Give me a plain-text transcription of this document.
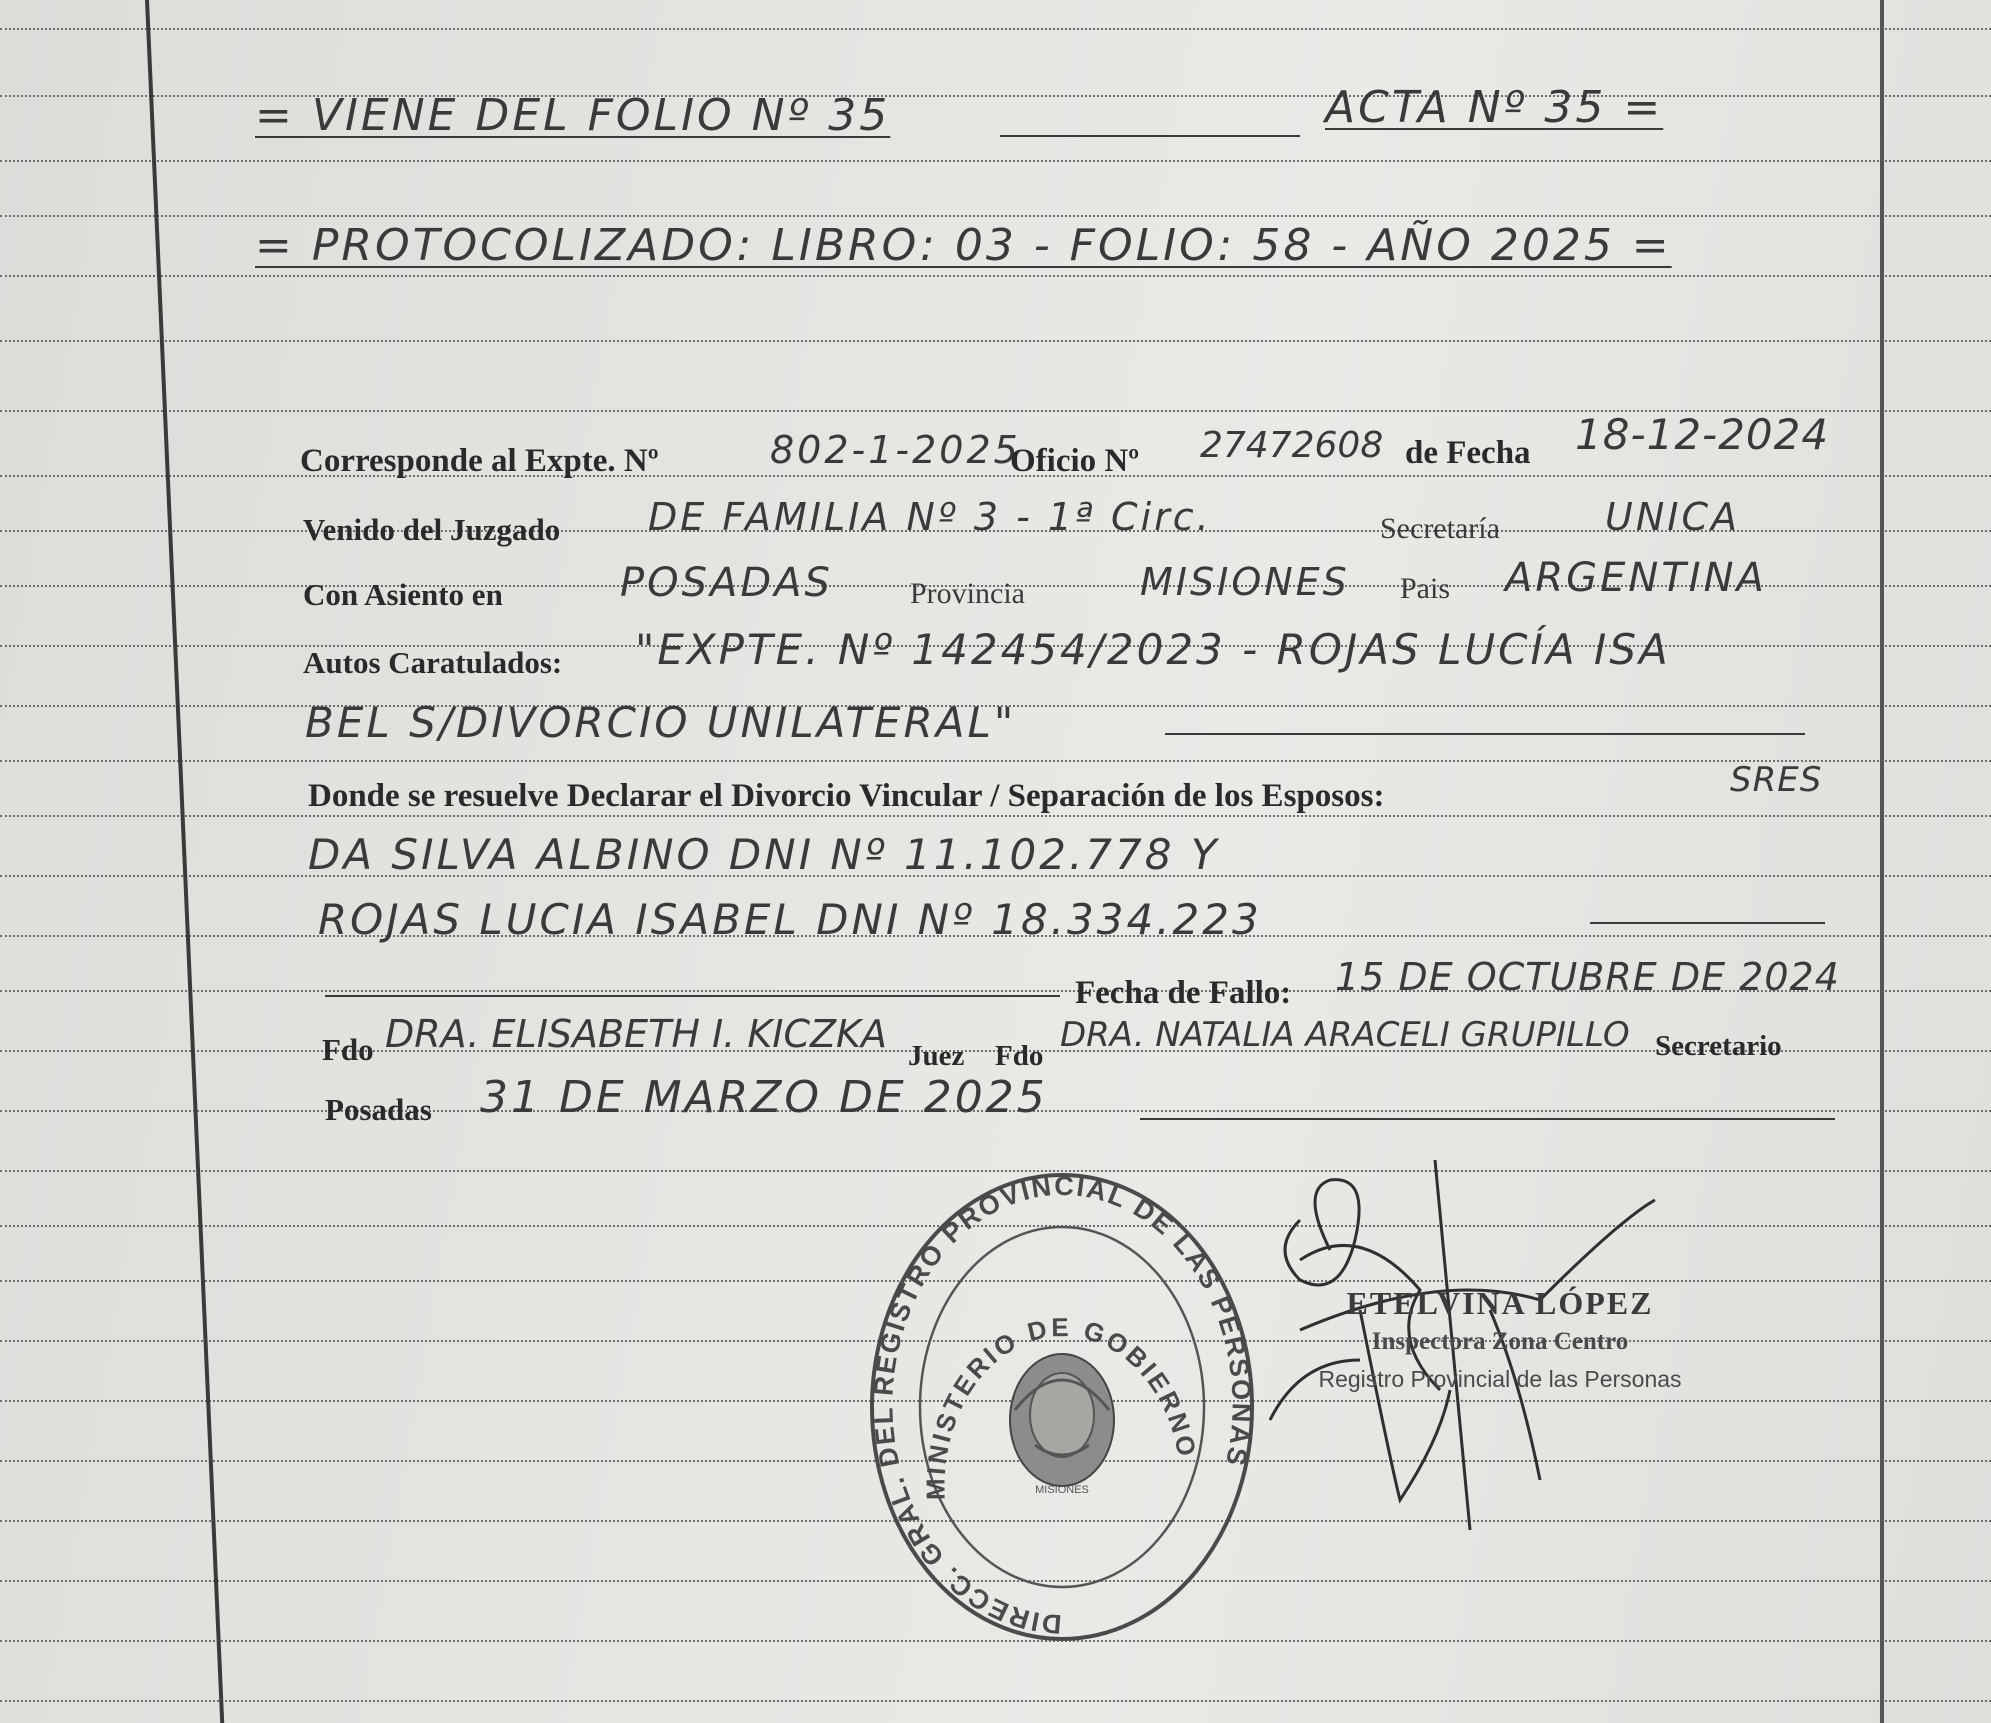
= VIENE DEL FOLIO Nº 35	ACTA Nº 35 =
= PROTOCOLIZADO: LIBRO: 03 - FOLIO: 58 - AÑO 2025 =
Corresponde al Expte. Nº	802-1-2025
Oficio Nº 27472608 de Fecha 18-12-2024
Venido del Juzgado DE FAMILIA Nº 3 - 1ª Circ.	Secretaría	UNICA
Con Asiento en	POSADAS	Provincia	MISIONES Pais ARGENTINA
Autos Caratulados: "EXPTE. Nº 142454/2023 - ROJAS LUCÍA ISA
BEL S/DIVORCIO UNILATERAL"
Donde se resuelve Declarar el Divorcio Vincular / Separación de los Esposos:	SRES
DA SILVA ALBINO DNI Nº 11.102.778 Y
ROJAS LUCIA ISABEL DNI Nº 18.334.223
Fecha de Fallo: 15 DE OCTUBRE DE 2024
Fdo DRA. ELISABETH I. KICZKA Juez Fdo
DRA. NATALIA ARACELI GRUPILLO Secretario
Posadas 31 DE MARZO DE 2025
DIRECC. GRAL. DEL REGISTRO PROVINCIAL DE LAS PERSONAS
MINISTERIO DE GOBIERNO
MISIONES
ETELVINA LÓPEZ
Inspectora Zona Centro
Registro Provincial de las Personas
